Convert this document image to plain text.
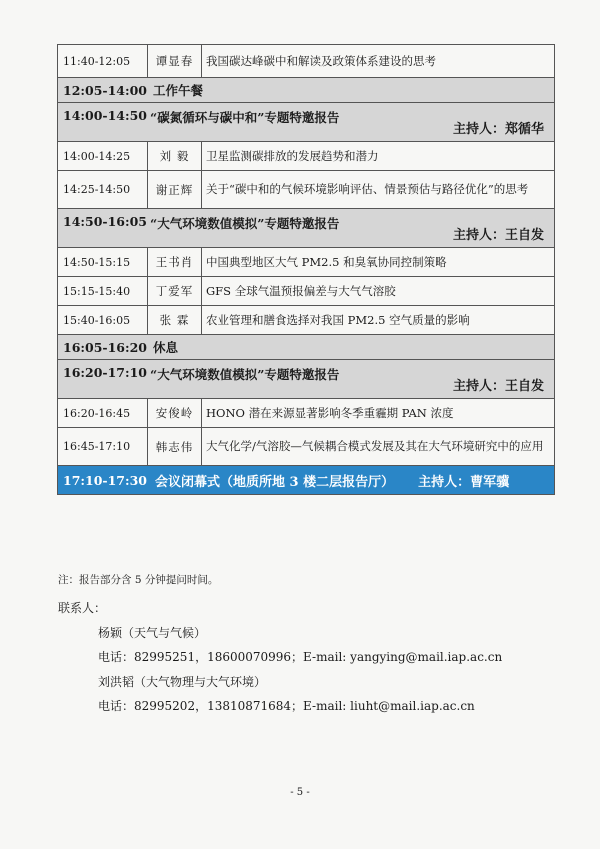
11:40-12:05	谭显春	我国碳达峰碳中和解读及政策体系建设的思考

12:05-14:00 工作午餐		

14:00-14:50 “碳氮循环与碳中和”专题特邀报告
主持人：郑循华		

14:00-14:25	刘 毅	卫星监测碳排放的发展趋势和潜力
14:25-14:50	谢正辉	关于“碳中和的气候环境影响评估、情景预估与路径优化”的思考

14:50-16:05 “大气环境数值模拟”专题特邀报告
主持人：王自发		

14:50-15:15	王书肖	中国典型地区大气 PM2.5 和臭氧协同控制策略
15:15-15:40	丁爱军	GFS 全球气温预报偏差与大气气溶胶
15:40-16:05	张 霖	农业管理和膳食选择对我国 PM2.5 空气质量的影响

16:05-16:20 休息		

16:20-17:10 “大气环境数值模拟”专题特邀报告
主持人：王自发		

16:20-16:45	安俊岭	HONO 潜在来源显著影响冬季重霾期 PAN 浓度
16:45-17:10	韩志伟	大气化学/气溶胶—气候耦合模式发展及其在大气环境研究中的应用

17:10-17:30 会议闭幕式（地质所地 3 楼二层报告厅） 主持人：曹军骥		
注：报告部分含 5 分钟提问时间。
联系人：
杨颖（天气与气候）
电话：82995251，18600070996；E-mail: yangying@mail.iap.ac.cn
刘洪韬（大气物理与大气环境）
电话：82995202，13810871684；E-mail: liuht@mail.iap.ac.cn
- 5 -
